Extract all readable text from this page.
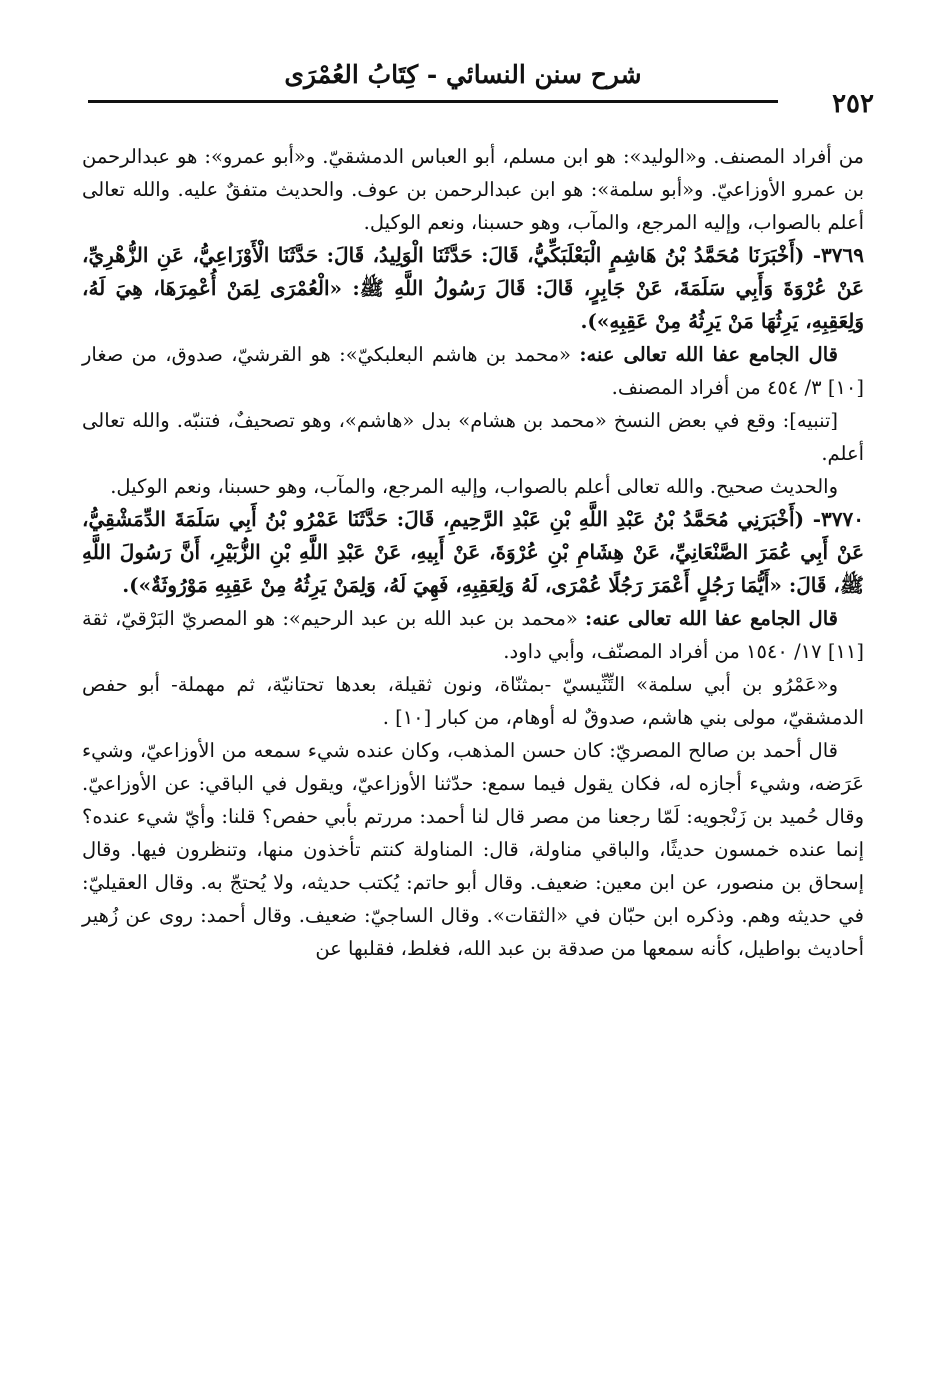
شرح سنن النسائي - كِتَابُ العُمْرَى
٢٥٢

من أفراد المصنف. و«الوليد»: هو ابن مسلم، أبو العباس الدمشقيّ. و«أبو عمرو»: هو عبدالرحمن بن عمرو الأوزاعيّ. و«أبو سلمة»: هو ابن عبدالرحمن بن عوف. والحديث متفقٌ عليه. والله تعالى أعلم بالصواب، وإليه المرجع، والمآب، وهو حسبنا، ونعم الوكيل.

٣٧٦٩- (أَخْبَرَنَا مُحَمَّدُ بْنُ هَاشِمٍ الْبَعْلَبَكِّيُّ، قَالَ: حَدَّثَنَا الْوَلِيدُ، قَالَ: حَدَّثَنَا الْأَوْزَاعِيُّ، عَنِ الزُّهْرِيِّ، عَنْ عُرْوَةَ وَأَبِي سَلَمَةَ، عَنْ جَابِرٍ، قَالَ: قَالَ رَسُولُ اللَّهِ ﷺ: «الْعُمْرَى لِمَنْ أُعْمِرَهَا، هِيَ لَهُ، وَلِعَقِبِهِ، يَرِثُهَا مَنْ يَرِثُهُ مِنْ عَقِبِهِ»).

قال الجامع عفا الله تعالى عنه: «محمد بن هاشم البعلبكيّ»: هو القرشيّ، صدوق، من صغار [١٠] ٣/ ٤٥٤ من أفراد المصنف.

[تنبيه]: وقع في بعض النسخ «محمد بن هشام» بدل «هاشم»، وهو تصحيفٌ، فتنبّه. والله تعالى أعلم.

والحديث صحيح. والله تعالى أعلم بالصواب، وإليه المرجع، والمآب، وهو حسبنا، ونعم الوكيل.

٣٧٧٠- (أَخْبَرَنِي مُحَمَّدُ بْنُ عَبْدِ اللَّهِ بْنِ عَبْدِ الرَّحِيمِ، قَالَ: حَدَّثَنَا عَمْرُو بْنُ أَبِي سَلَمَةَ الدِّمَشْقِيُّ، عَنْ أَبِي عُمَرَ الصَّنْعَانِيِّ، عَنْ هِشَامِ بْنِ عُرْوَةَ، عَنْ أَبِيهِ، عَنْ عَبْدِ اللَّهِ بْنِ الزُّبَيْرِ، أَنَّ رَسُولَ اللَّهِ ﷺ، قَالَ: «أَيُّمَا رَجُلٍ أَعْمَرَ رَجُلًا عُمْرَى، لَهُ وَلِعَقِبِهِ، فَهِيَ لَهُ، وَلِمَنْ يَرِثُهُ مِنْ عَقِبِهِ مَوْرُوثَةٌ»).

قال الجامع عفا الله تعالى عنه: «محمد بن عبد الله بن عبد الرحيم»: هو المصريّ البَرْقيّ، ثقة [١١] ١٧/ ١٥٤٠ من أفراد المصنّف، وأبي داود.

و«عَمْرُو بن أبي سلمة» التِّنِّيسيّ -بمثنّاة، ونون ثقيلة، بعدها تحتانيّة، ثم مهملة- أبو حفص الدمشقيّ، مولى بني هاشم، صدوقٌ له أوهام، من كبار [١٠] .

قال أحمد بن صالح المصريّ: كان حسن المذهب، وكان عنده شيء سمعه من الأوزاعيّ، وشيء عَرَضه، وشيء أجازه له، فكان يقول فيما سمع: حدّثنا الأوزاعيّ، ويقول في الباقي: عن الأوزاعيّ. وقال حُميد بن زَنْجويه: لَمّا رجعنا من مصر قال لنا أحمد: مررتم بأبي حفص؟ قلنا: وأيّ شيء عنده؟ إنما عنده خمسون حديثًا، والباقي مناولة، قال: المناولة كنتم تأخذون منها، وتنظرون فيها. وقال إسحاق بن منصور، عن ابن معين: ضعيف. وقال أبو حاتم: يُكتب حديثه، ولا يُحتجّ به. وقال العقيليّ: في حديثه وهم. وذكره ابن حبّان في «الثقات». وقال الساجيّ: ضعيف. وقال أحمد: روى عن زُهير أحاديث بواطيل، كأنه سمعها من صدقة بن عبد الله، فغلط، فقلبها عن
